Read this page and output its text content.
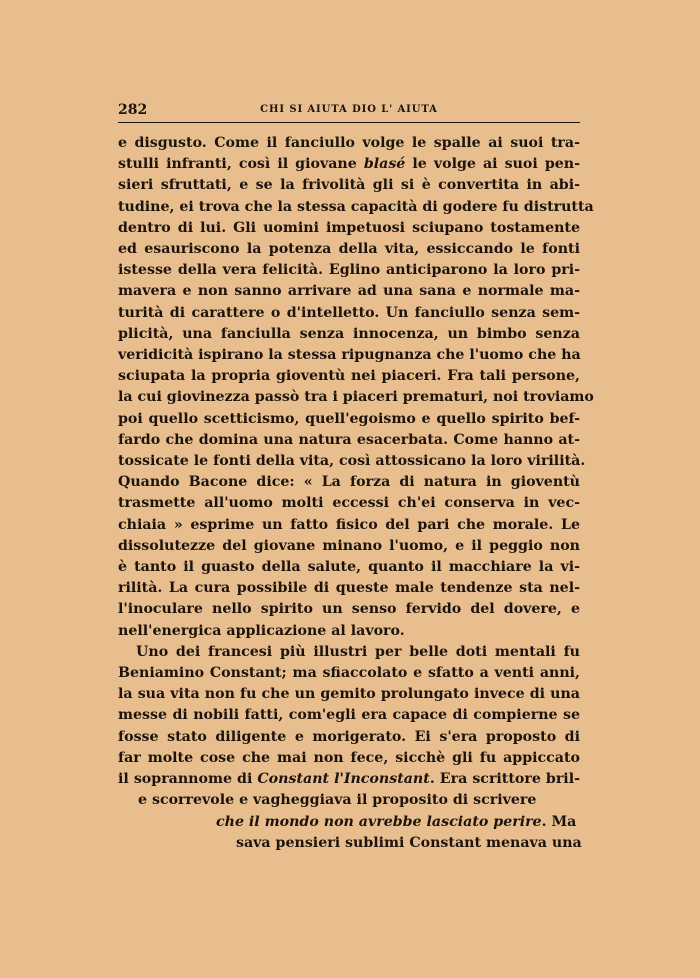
282	CHI SI AIUTA DIO L' AIUTA
e disgusto. Come il fanciullo volge le spalle ai suoi tra-
stulli infranti, così il giovane blasé le volge ai suoi pen-
sieri sfruttati, e se la frivolità gli si è convertita in abi-
tudine, ei trova che la stessa capacità di godere fu distrutta
dentro di lui. Gli uomini impetuosi sciupano tostamente
ed esauriscono la potenza della vita, essiccando le fonti
istesse della vera felicità. Eglino anticiparono la loro pri-
mavera e non sanno arrivare ad una sana e normale ma-
turità di carattere o d'intelletto. Un fanciullo senza sem-
plicità, una fanciulla senza innocenza, un bimbo senza
veridicità ispirano la stessa ripugnanza che l'uomo che ha
sciupata la propria gioventù nei piaceri. Fra tali persone,
la cui giovinezza passò tra i piaceri prematuri, noi troviamo
poi quello scetticismo, quell'egoismo e quello spirito bef-
fardo che domina una natura esacerbata. Come hanno at-
tossicate le fonti della vita, così attossicano la loro virilità.
Quando Bacone dice: « La forza di natura in gioventù
trasmette all'uomo molti eccessi ch'ei conserva in vec-
chiaia » esprime un fatto fisico del pari che morale. Le
dissolutezze del giovane minano l'uomo, e il peggio non
è tanto il guasto della salute, quanto il macchiare la vi-
rilità. La cura possibile di queste male tendenze sta nel-
l'inoculare nello spirito un senso fervido del dovere, e
nell'energica applicazione al lavoro.
Uno dei francesi più illustri per belle doti mentali fu
Beniamino Constant; ma sfiaccolato e sfatto a venti anni,
la sua vita non fu che un gemito prolungato invece di una
messe di nobili fatti, com'egli era capace di compierne se
fosse stato diligente e morigerato. Ei s'era proposto di
far molte cose che mai non fece, sicchè gli fu appiccato
il soprannome di Constant l'Inconstant. Era scrittore bril-
e scorrevole e vagheggiava il proposito di scrivere
che il mondo non avrebbe lasciato perire. Ma
sava pensieri sublimi Constant menava una
